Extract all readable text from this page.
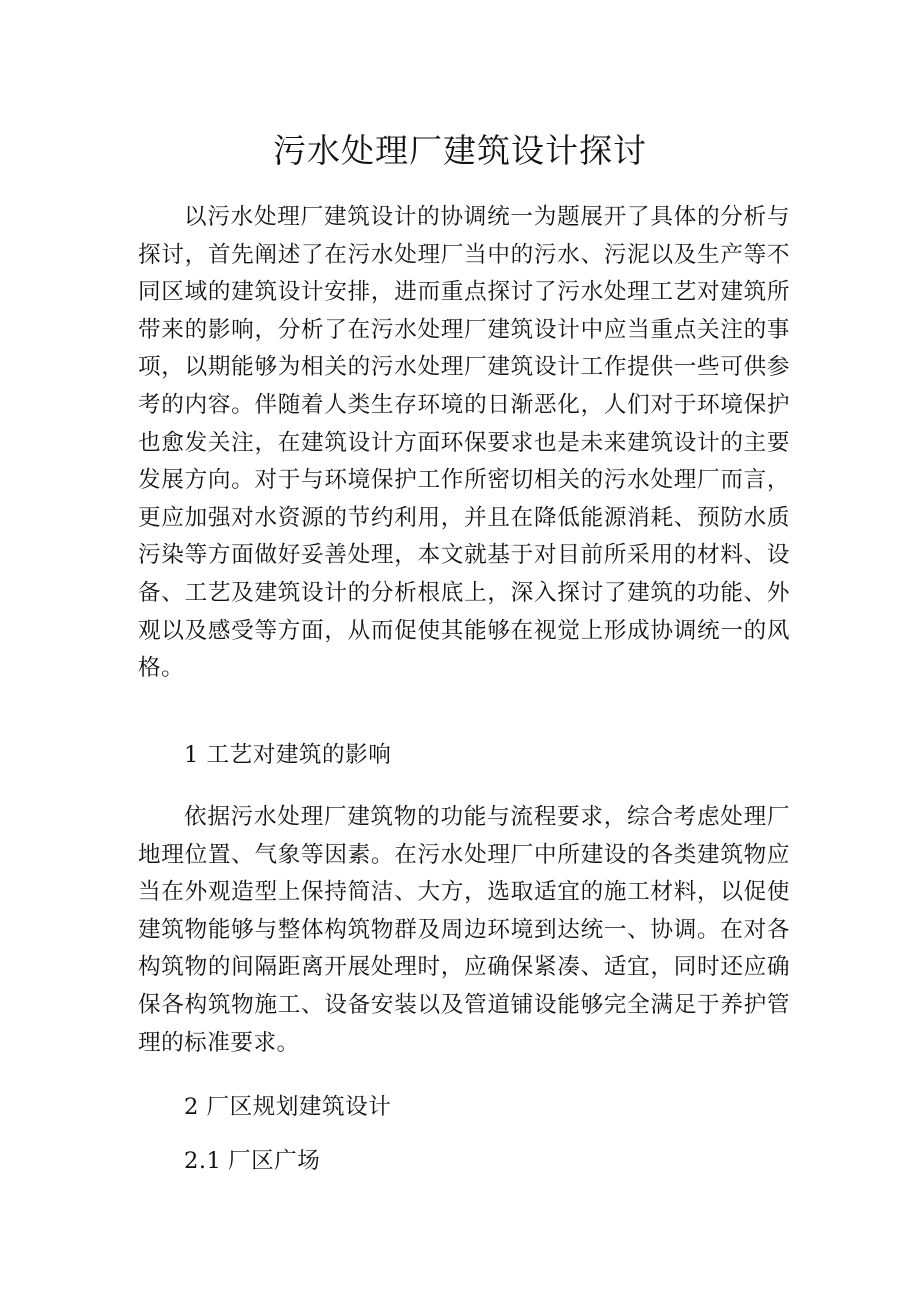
污水处理厂建筑设计探讨
以污水处理厂建筑设计的协调统一为题展开了具体的分析与探讨，首先阐述了在污水处理厂当中的污水、污泥以及生产等不同区域的建筑设计安排，进而重点探讨了污水处理工艺对建筑所带来的影响，分析了在污水处理厂建筑设计中应当重点关注的事项，以期能够为相关的污水处理厂建筑设计工作提供一些可供参考的内容。伴随着人类生存环境的日渐恶化，人们对于环境保护也愈发关注，在建筑设计方面环保要求也是未来建筑设计的主要发展方向。对于与环境保护工作所密切相关的污水处理厂而言，更应加强对水资源的节约利用，并且在降低能源消耗、预防水质污染等方面做好妥善处理，本文就基于对目前所采用的材料、设备、工艺及建筑设计的分析根底上，深入探讨了建筑的功能、外观以及感受等方面，从而促使其能够在视觉上形成协调统一的风格。
1 工艺对建筑的影响
依据污水处理厂建筑物的功能与流程要求，综合考虑处理厂地理位置、气象等因素。在污水处理厂中所建设的各类建筑物应当在外观造型上保持简洁、大方，选取适宜的施工材料，以促使建筑物能够与整体构筑物群及周边环境到达统一、协调。在对各构筑物的间隔距离开展处理时，应确保紧凑、适宜，同时还应确保各构筑物施工、设备安装以及管道铺设能够完全满足于养护管理的标准要求。
2 厂区规划建筑设计
2.1 厂区广场
